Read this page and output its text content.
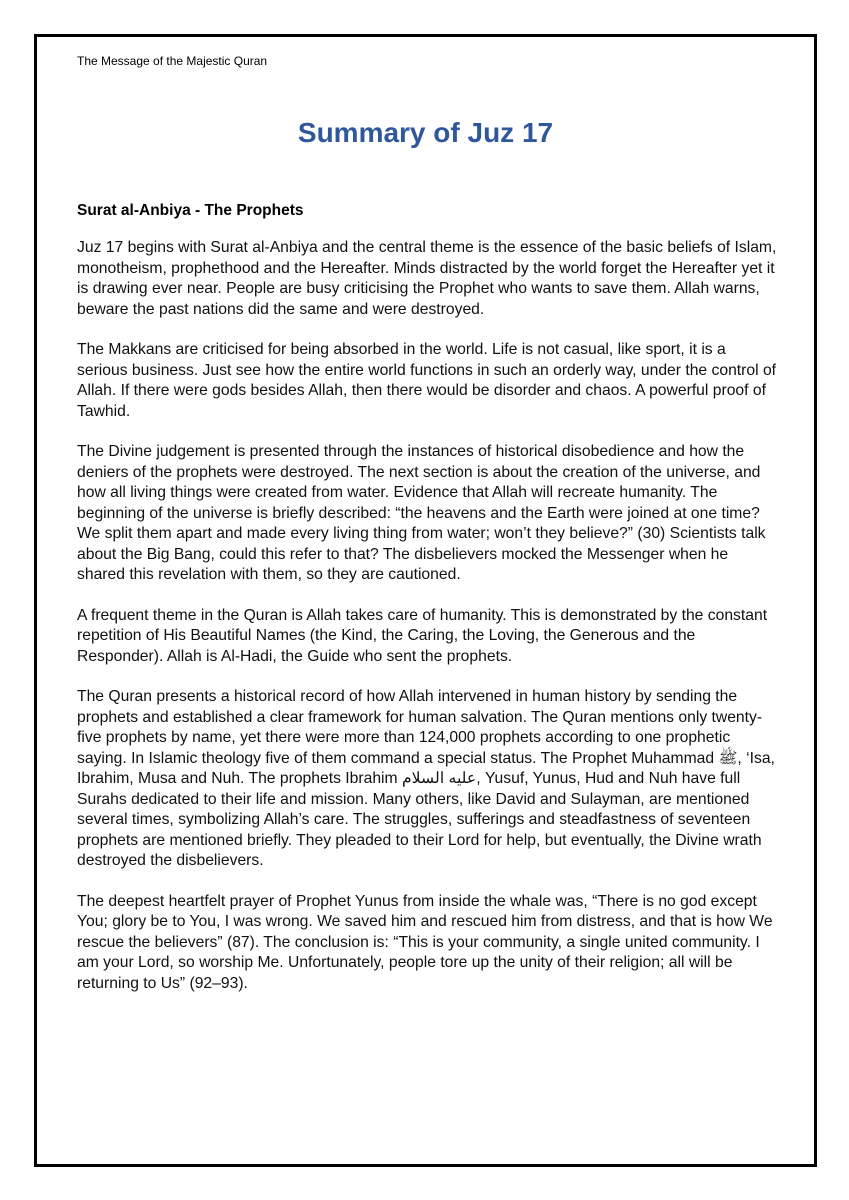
The Message of the Majestic Quran
Summary of Juz 17
Surat al-Anbiya - The Prophets

Juz 17 begins with Surat al-Anbiya and the central theme is the essence of the basic beliefs of Islam, monotheism, prophethood and the Hereafter. Minds distracted by the world forget the Hereafter yet it is drawing ever near. People are busy criticising the Prophet who wants to save them. Allah warns, beware the past nations did the same and were destroyed.

The Makkans are criticised for being absorbed in the world. Life is not casual, like sport, it is a serious business. Just see how the entire world functions in such an orderly way, under the control of Allah. If there were gods besides Allah, then there would be disorder and chaos. A powerful proof of Tawhid.

The Divine judgement is presented through the instances of historical disobedience and how the deniers of the prophets were destroyed. The next section is about the creation of the universe, and how all living things were created from water. Evidence that Allah will recreate humanity. The beginning of the universe is briefly described: “the heavens and the Earth were joined at one time? We split them apart and made every living thing from water; won’t they believe?” (30) Scientists talk about the Big Bang, could this refer to that? The disbelievers mocked the Messenger when he shared this revelation with them, so they are cautioned.

A frequent theme in the Quran is Allah takes care of humanity. This is demonstrated by the constant repetition of His Beautiful Names (the Kind, the Caring, the Loving, the Generous and the Responder). Allah is Al-Hadi, the Guide who sent the prophets.

The Quran presents a historical record of how Allah intervened in human history by sending the prophets and established a clear framework for human salvation. The Quran mentions only twenty-five prophets by name, yet there were more than 124,000 prophets according to one prophetic saying. In Islamic theology five of them command a special status. The Prophet Muhammad ﷺ, ‘Isa, Ibrahim, Musa and Nuh. The prophets Ibrahim عليه السلام, Yusuf, Yunus, Hud and Nuh have full Surahs dedicated to their life and mission. Many others, like David and Sulayman, are mentioned several times, symbolizing Allah’s care. The struggles, sufferings and steadfastness of seventeen prophets are mentioned briefly. They pleaded to their Lord for help, but eventually, the Divine wrath destroyed the disbelievers.

The deepest heartfelt prayer of Prophet Yunus from inside the whale was, “There is no god except You; glory be to You, I was wrong. We saved him and rescued him from distress, and that is how We rescue the believers” (87). The conclusion is: “This is your community, a single united community. I am your Lord, so worship Me. Unfortunately, people tore up the unity of their religion; all will be returning to Us” (92–93).
